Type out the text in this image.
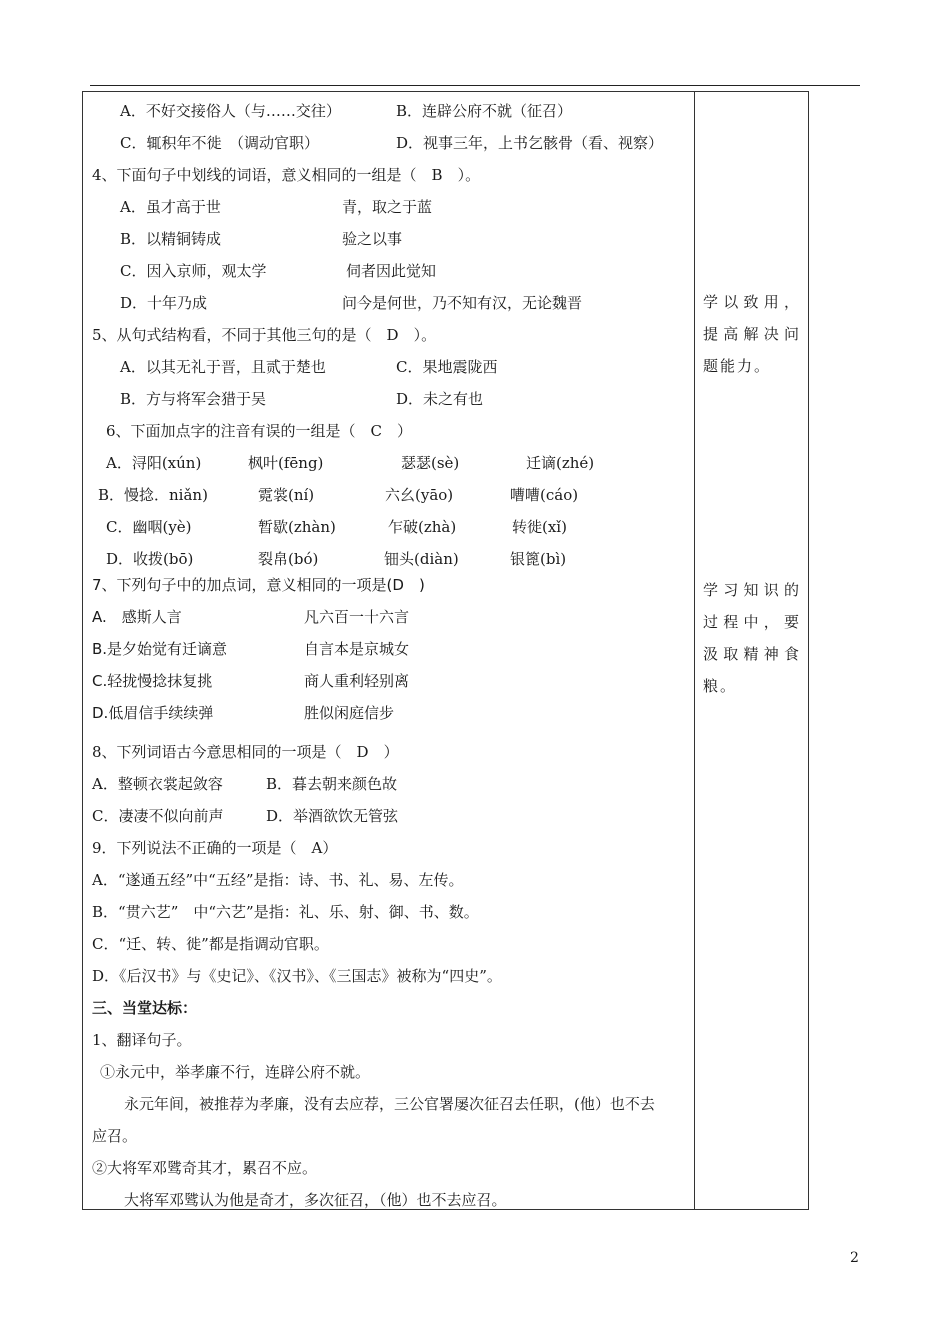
A．不好交接俗人（与……交往）	B．连辟公府不就（征召）
C．辄积年不徙　（调动官职）	D．视事三年，上书乞骸骨（看、视察）
4、下面句子中划线的词语，意义相同的一组是（　B　）。
A．虽才高于世	青，取之于蓝
B．以精铜铸成	验之以事
C．因入京师，观太学	伺者因此觉知
D．十年乃成	问今是何世，乃不知有汉，无论魏晋
5、从句式结构看，不同于其他三句的是（　D　）。
A．以其无礼于晋，且贰于楚也	C．果地震陇西
B．方与将军会猎于吴	D．未之有也
6、下面加点字的注音有误的一组是（　C　）
A．浔阳(xún)	枫叶(fēng)	瑟瑟(sè)	迁谪(zhé)
B．慢捻．niǎn)	霓裳(ní)	六幺(yāo)	嘈嘈(cáo)
C．幽咽(yè)	暂歇(zhàn)	乍破(zhà)	转徙(xǐ)
D．收拨(bō)	裂帛(bó)	钿头(diàn)	银篦(bì)
7、下列句子中的加点词，意义相同的一项是(D　)
A.　感斯人言	凡六百一十六言
B.是夕始觉有迁谪意	自言本是京城女
C.轻拢慢捻抹复挑	商人重利轻别离
D.低眉信手续续弹	胜似闲庭信步
8、下列词语古今意思相同的一项是（　D　）
A．整顿衣裳起敛容	B．暮去朝来颜色故
C．凄凄不似向前声	D．举酒欲饮无管弦
9．下列说法不正确的一项是（　A）
A．“遂通五经”中“五经”是指：诗、书、礼、易、左传。
B．“贯六艺”　中“六艺”是指：礼、乐、射、御、书、数。
C．“迁、转、徙”都是指调动官职。
D．《后汉书》与《史记》、《汉书》、《三国志》被称为“四史”。
三、当堂达标：
1、翻译句子。
①永元中，举孝廉不行，连辟公府不就。
永元年间，被推荐为孝廉，没有去应荐，三公官署屡次征召去任职，(他）也不去
应召。
②大将军邓骘奇其才，累召不应。
大将军邓骘认为他是奇才，多次征召，（他）也不去应召。
学以致用，提高解决问题能力。
学习知识的过程中，要汲取精神食粮。
2
